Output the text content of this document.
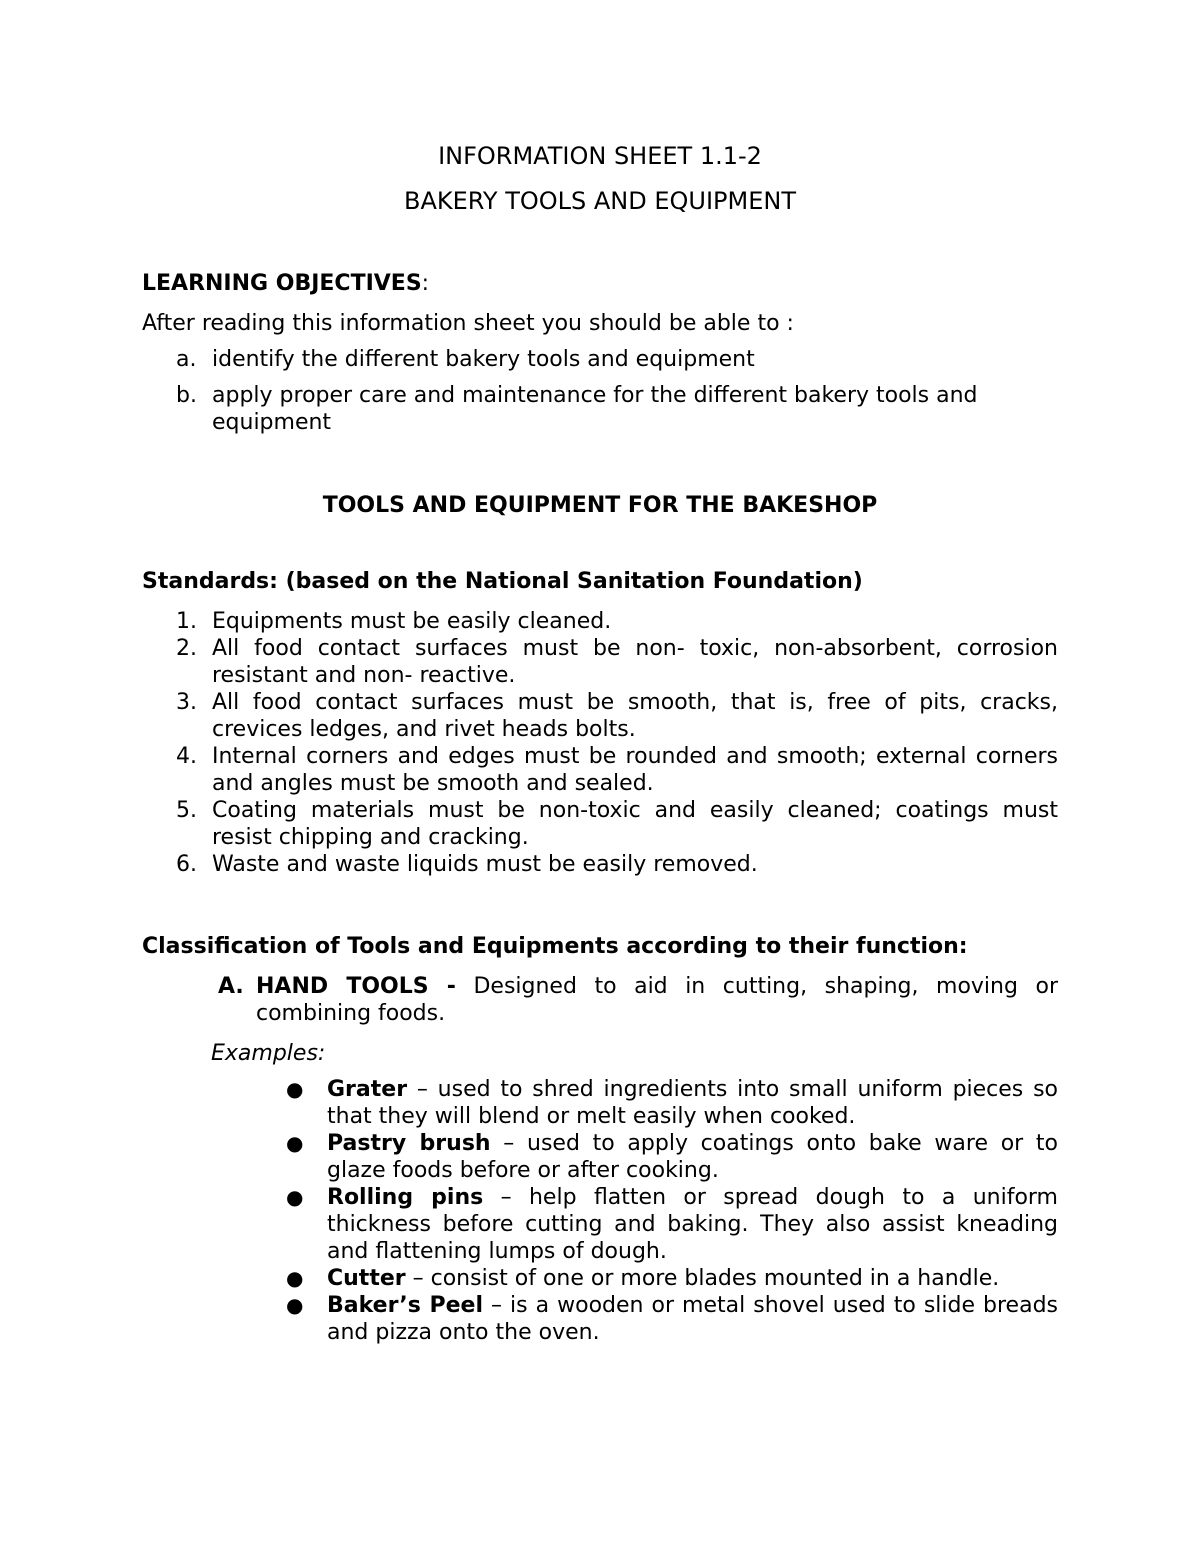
INFORMATION SHEET 1.1-2
BAKERY TOOLS AND EQUIPMENT
LEARNING OBJECTIVES:
After reading this information sheet you should be able to :
a. identify the different bakery tools and equipment
b. apply proper care and maintenance for the different bakery tools and equipment
TOOLS AND EQUIPMENT FOR THE BAKESHOP
Standards: (based on the National Sanitation Foundation)
1. Equipments must be easily cleaned.
2. All food contact surfaces must be non- toxic, non-absorbent, corrosion resistant and non- reactive.
3. All food contact surfaces must be smooth, that is, free of pits, cracks, crevices ledges, and rivet heads bolts.
4. Internal corners and edges must be rounded and smooth; external corners and angles must be smooth and sealed.
5. Coating materials must be non-toxic and easily cleaned; coatings must resist chipping and cracking.
6. Waste and waste liquids must be easily removed.
Classification of Tools and Equipments according to their function:
A. HAND TOOLS - Designed to aid in cutting, shaping, moving or combining foods.
Examples:
● Grater – used to shred ingredients into small uniform pieces so that they will blend or melt easily when cooked.
● Pastry brush – used to apply coatings onto bake ware or to glaze foods before or after cooking.
● Rolling pins – help flatten or spread dough to a uniform thickness before cutting and baking. They also assist kneading and flattening lumps of dough.
● Cutter – consist of one or more blades mounted in a handle.
● Baker’s Peel – is a wooden or metal shovel used to slide breads and pizza onto the oven.
